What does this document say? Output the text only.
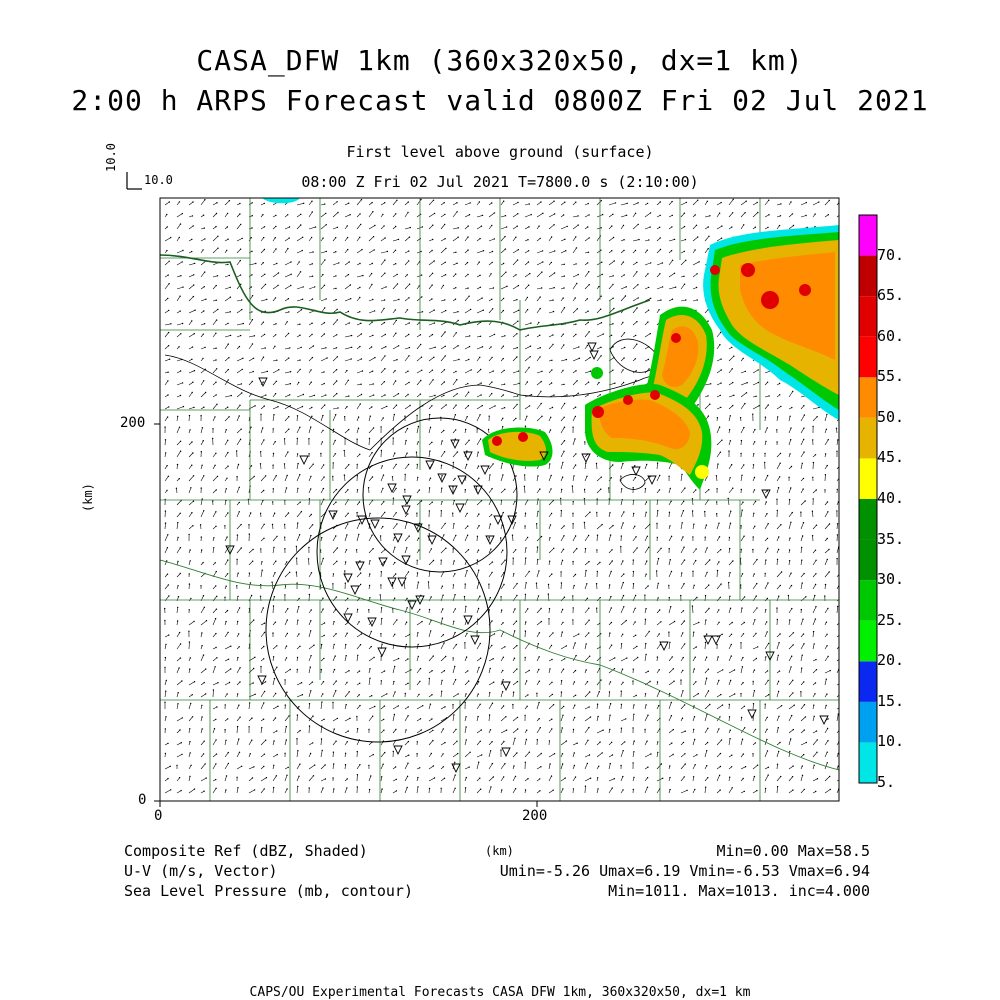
CASA_DFW 1km (360x320x50, dx=1 km)
2:00 h ARPS Forecast valid 0800Z Fri 02 Jul 2021
First level above ground (surface)
08:00 Z Fri 02 Jul 2021 T=7800.0 s (2:10:00)
10.0
10.0
0	200
0
200
(km)
(km)
5.
10.
15.
20.
25.
30.
35.
40.
45.
50.
55.
60.
65.
70.
Composite Ref (dBZ, Shaded)	Min=0.00 Max=58.5
U-V (m/s, Vector)	Umin=-5.26 Umax=6.19 Vmin=-6.53 Vmax=6.94
Sea Level Pressure (mb, contour)	Min=1011. Max=1013. inc=4.000
CAPS/OU Experimental Forecasts CASA DFW 1km, 360x320x50, dx=1 km
